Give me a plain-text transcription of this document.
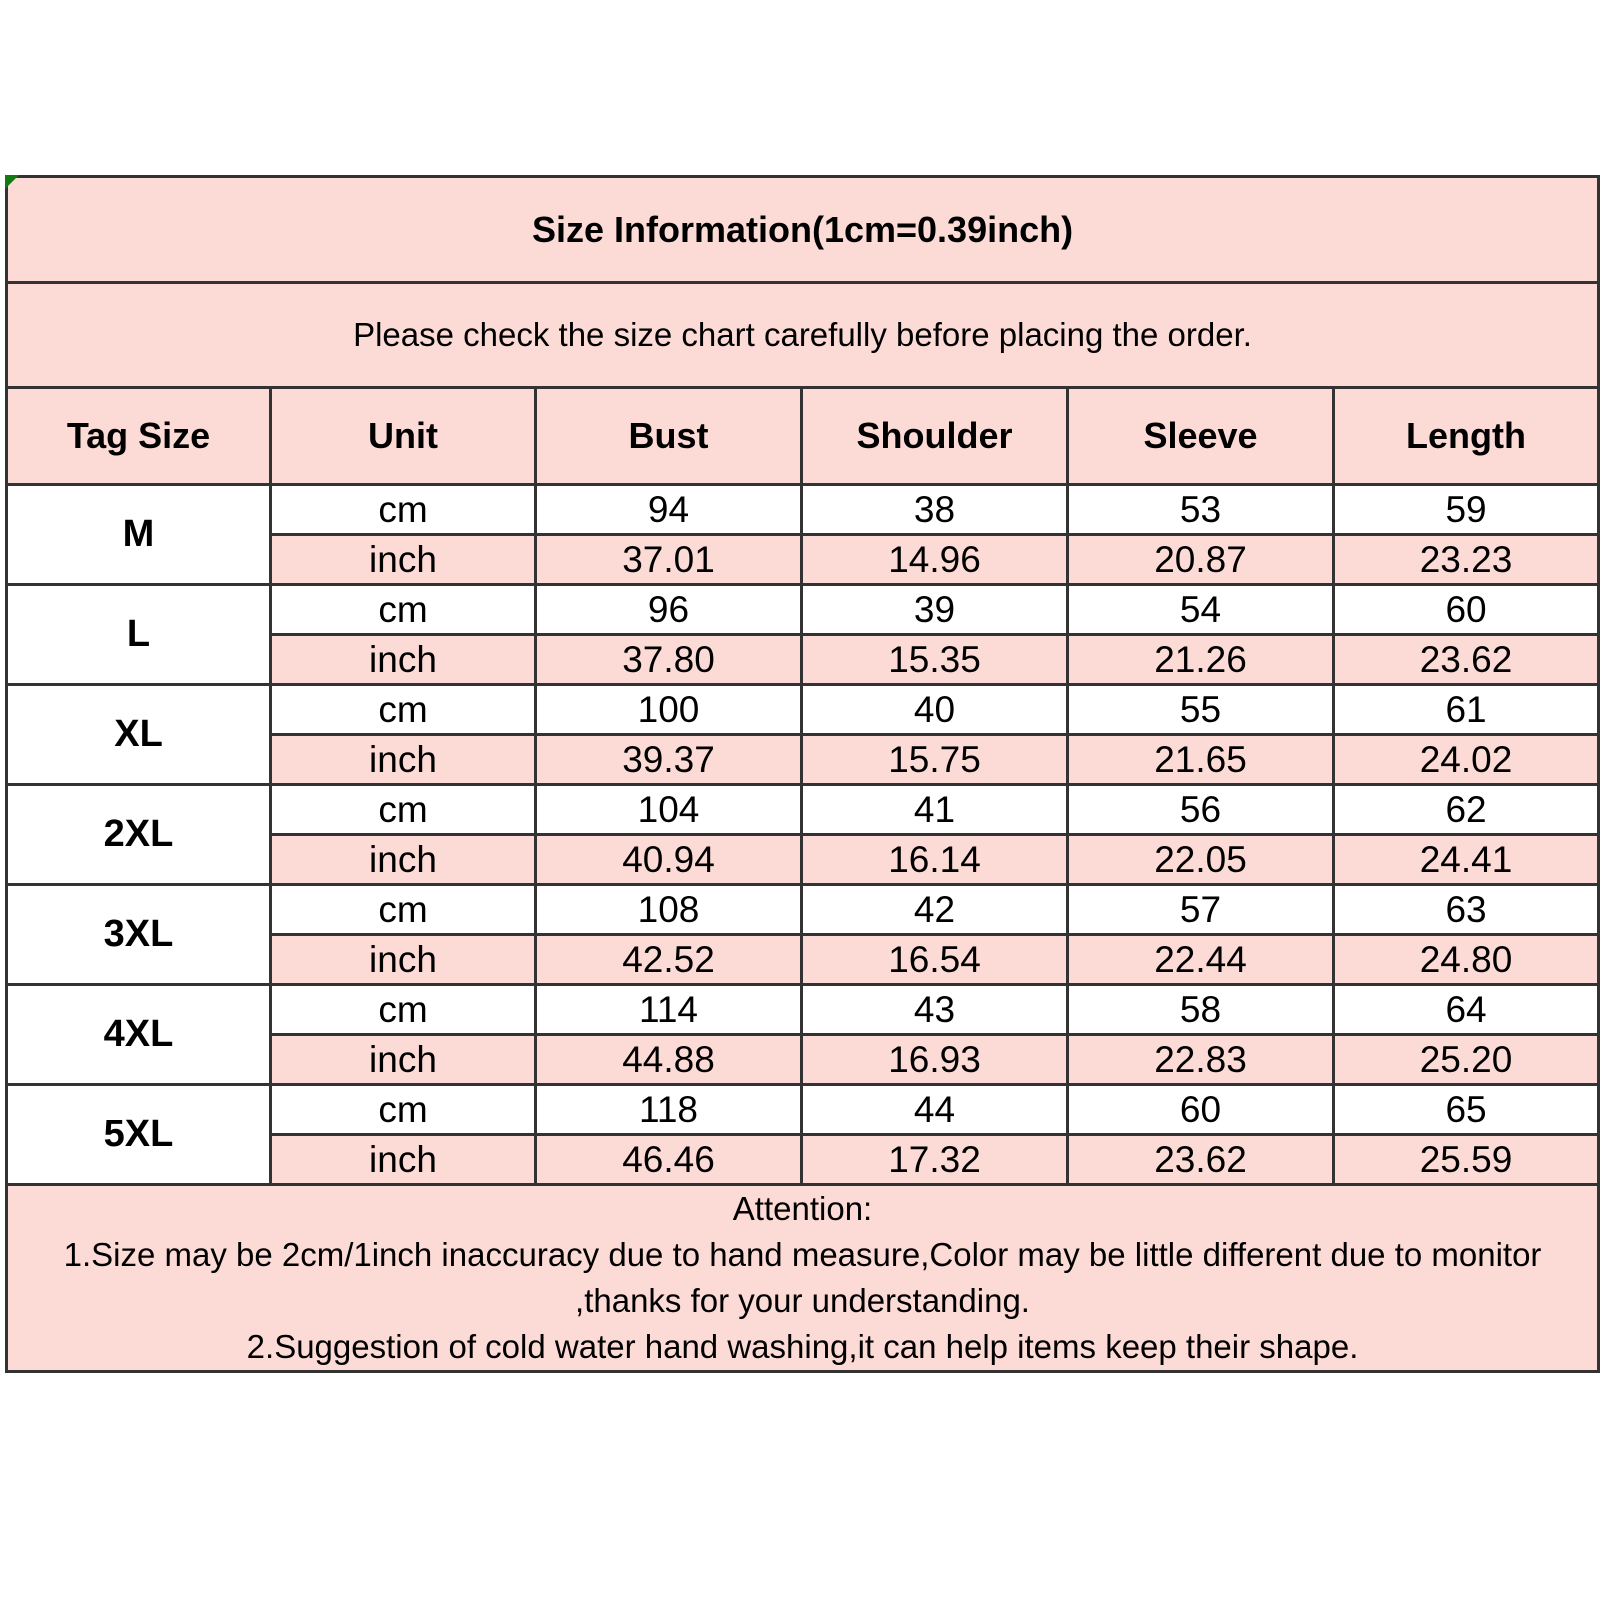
Size Information(1cm=0.39inch)					
Please check the size chart carefully before placing the order.					
Tag Size	Unit	Bust	Shoulder	Sleeve	Length
M	cm	94	38	53	59
	inch	37.01	14.96	20.87	23.23
L	cm	96	39	54	60
	inch	37.80	15.35	21.26	23.62
XL	cm	100	40	55	61
	inch	39.37	15.75	21.65	24.02
2XL	cm	104	41	56	62
	inch	40.94	16.14	22.05	24.41
3XL	cm	108	42	57	63
	inch	42.52	16.54	22.44	24.80
4XL	cm	114	43	58	64
	inch	44.88	16.93	22.83	25.20
5XL	cm	118	44	60	65
	inch	46.46	17.32	23.62	25.59

Attention:
1.Size may be 2cm/1inch inaccuracy due to hand measure,Color may be little different due to monitor
,thanks for your understanding.
2.Suggestion of cold water hand washing,it can help items keep their shape.					
